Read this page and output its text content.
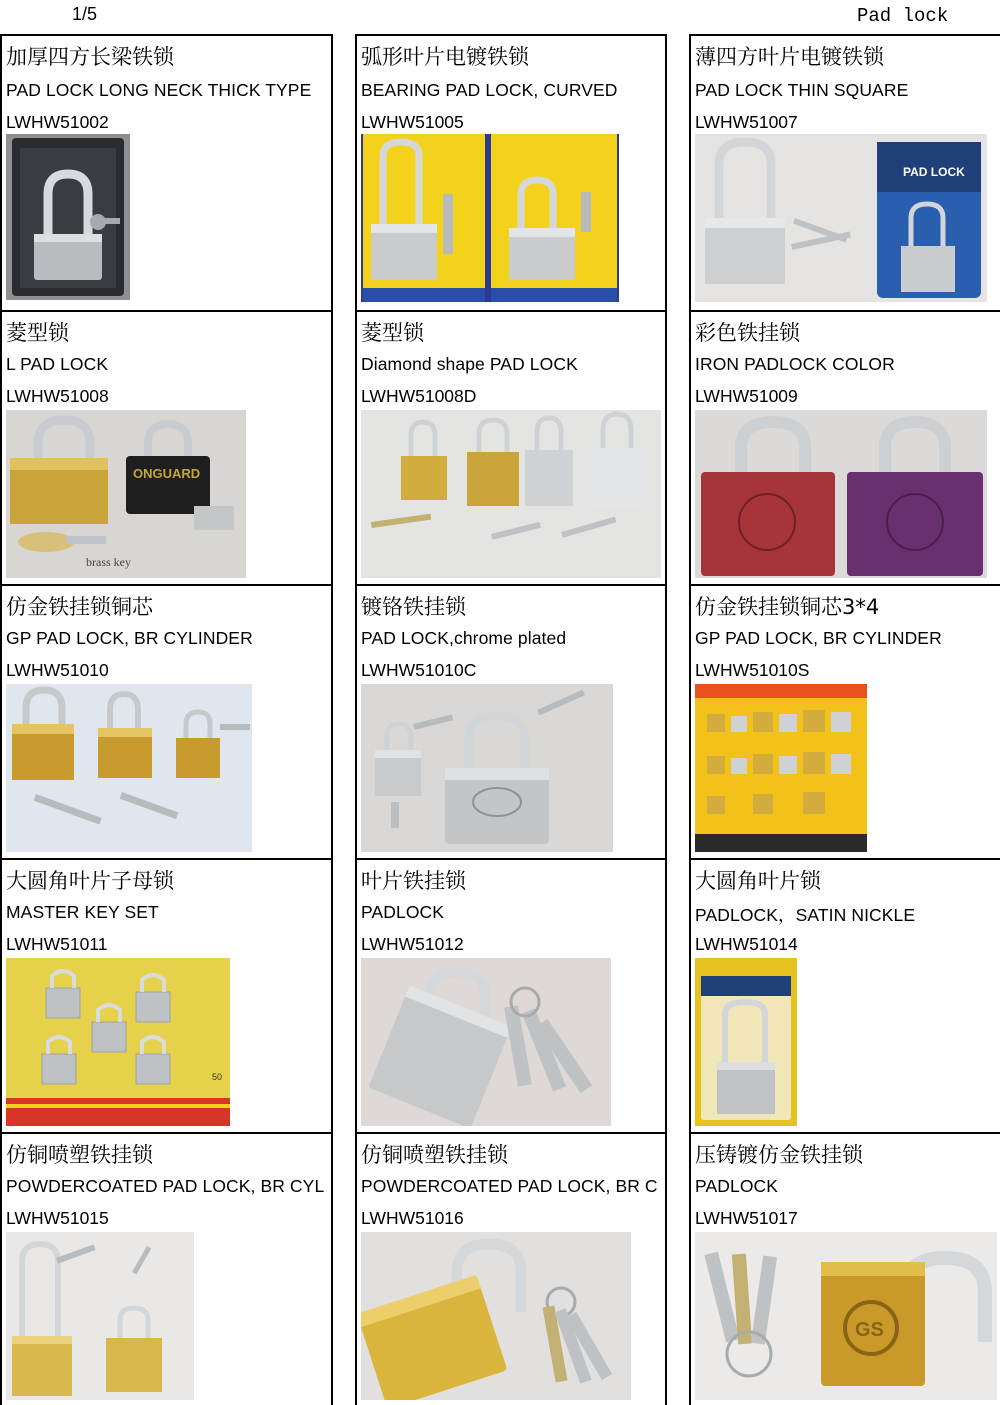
1/5	Pad lock
加厚四方长梁铁锁
PAD LOCK LONG NECK THICK TYPE
LWHW51002
菱型锁
L PAD LOCK
LWHW51008
ONGUARD
brass key
仿金铁挂锁铜芯
GP PAD LOCK, BR CYLINDER
LWHW51010
大圆角叶片子母锁
MASTER KEY SET
LWHW51011
50
仿铜喷塑铁挂锁
POWDERCOATED PAD LOCK, BR CYL
LWHW51015
弧形叶片电镀铁锁
BEARING PAD LOCK, CURVED
LWHW51005
菱型锁
Diamond shape PAD LOCK
LWHW51008D
镀铬铁挂锁
PAD LOCK,chrome plated
LWHW51010C
叶片铁挂锁
PADLOCK
LWHW51012
仿铜喷塑铁挂锁
POWDERCOATED PAD LOCK, BR C
LWHW51016
薄四方叶片电镀铁锁
PAD LOCK THIN SQUARE
LWHW51007
PAD LOCK
彩色铁挂锁
IRON PADLOCK COLOR
LWHW51009
仿金铁挂锁铜芯3*4
GP PAD LOCK, BR CYLINDER
LWHW51010S
大圆角叶片锁
PADLOCK，SATIN NICKLE
LWHW51014
压铸镀仿金铁挂锁
PADLOCK
LWHW51017
GS
